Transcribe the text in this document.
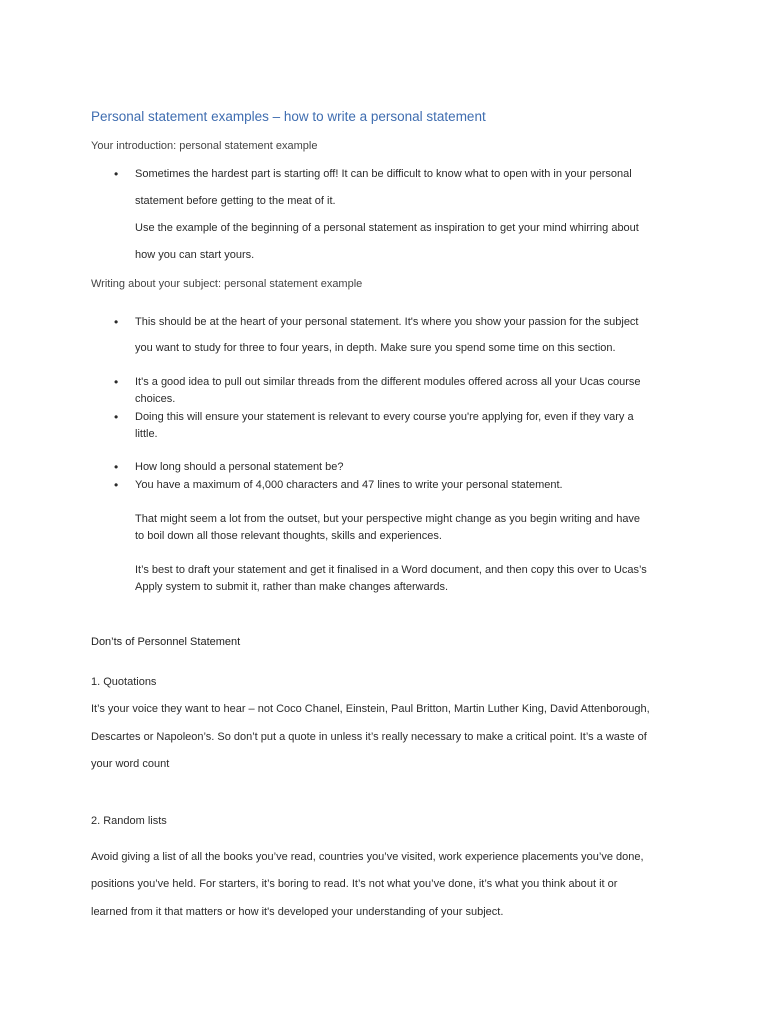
Personal statement examples – how to write a personal statement
Your introduction: personal statement example
• Sometimes the hardest part is starting off! It can be difficult to know what to open with in your personal
statement before getting to the meat of it.
Use the example of the beginning of a personal statement as inspiration to get your mind whirring about
how you can start yours.
Writing about your subject: personal statement example
• This should be at the heart of your personal statement. It's where you show your passion for the subject
you want to study for three to four years, in depth. Make sure you spend some time on this section.
• It's a good idea to pull out similar threads from the different modules offered across all your Ucas course
choices.
• Doing this will ensure your statement is relevant to every course you're applying for, even if they vary a
little.
• How long should a personal statement be?
• You have a maximum of 4,000 characters and 47 lines to write your personal statement.
That might seem a lot from the outset, but your perspective might change as you begin writing and have
to boil down all those relevant thoughts, skills and experiences.
It’s best to draft your statement and get it finalised in a Word document, and then copy this over to Ucas’s
Apply system to submit it, rather than make changes afterwards.
Don’ts of Personnel Statement
1. Quotations
It’s your voice they want to hear – not Coco Chanel, Einstein, Paul Britton, Martin Luther King, David Attenborough,
Descartes or Napoleon’s. So don’t put a quote in unless it’s really necessary to make a critical point. It’s a waste of
your word count
2. Random lists
Avoid giving a list of all the books you’ve read, countries you’ve visited, work experience placements you’ve done,
positions you’ve held. For starters, it’s boring to read. It’s not what you’ve done, it’s what you think about it or
learned from it that matters or how it's developed your understanding of your subject.
